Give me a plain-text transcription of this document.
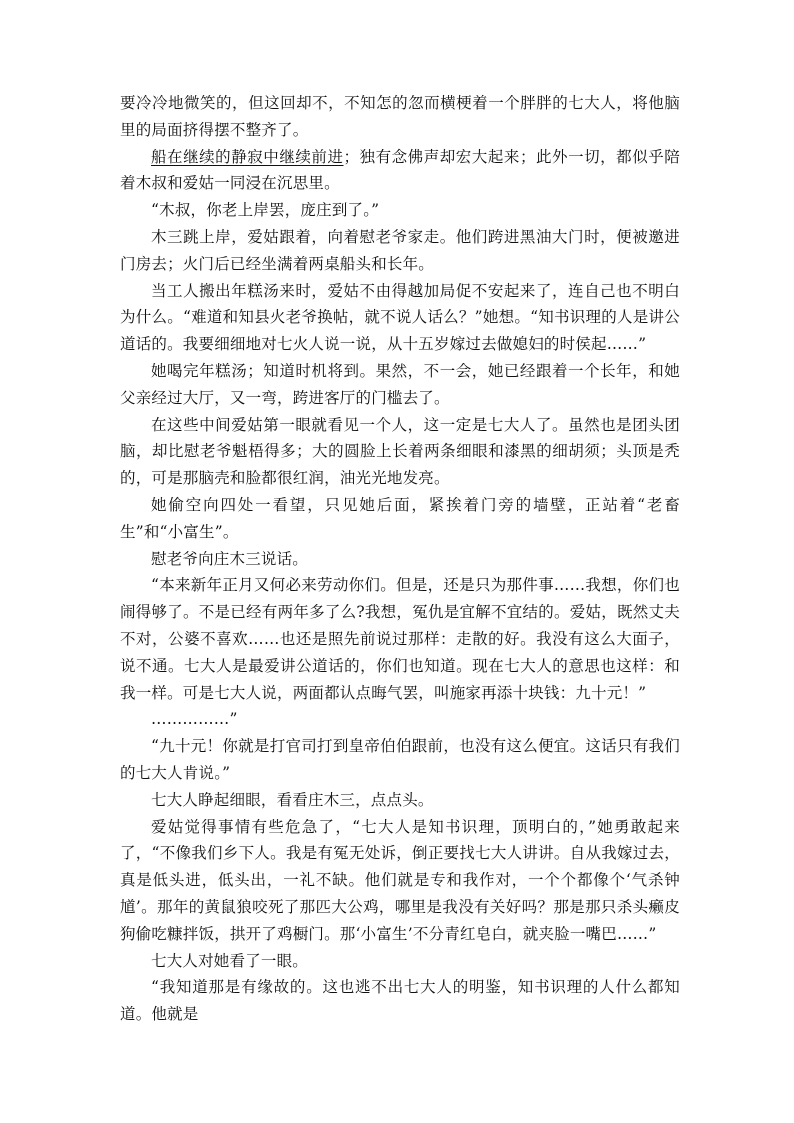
要冷冷地微笑的，但这回却不，不知怎的忽而横梗着一个胖胖的七大人，将他脑里的局面挤得摆不整齐了。

船在继续的静寂中继续前进；独有念佛声却宏大起来；此外一切，都似乎陪着木叔和爱姑一同浸在沉思里。

“木叔，你老上岸罢，庞庄到了。”

木三跳上岸，爱姑跟着，向着慰老爷家走。他们跨进黑油大门时，便被邀进门房去；火门后已经坐满着两桌船头和长年。

当工人搬出年糕汤来时，爱姑不由得越加局促不安起来了，连自己也不明白为什么。“难道和知县火老爷换帖，就不说人话么？”她想。“知书识理的人是讲公道话的。我要细细地对七火人说一说，从十五岁嫁过去做媳妇的时侯起……”

她喝完年糕汤；知道时机将到。果然，不一会，她已经跟着一个长年，和她父亲经过大厅，又一弯，跨进客厅的门槛去了。

在这些中间爱姑第一眼就看见一个人，这一定是七大人了。虽然也是团头团脑，却比慰老爷魁梧得多；大的圆脸上长着两条细眼和漆黑的细胡须；头顶是秃的，可是那脑壳和脸都很红润，油光光地发亮。

她偷空向四处一看望，只见她后面，紧挨着门旁的墙壁，正站着“老畜生”和“小富生”。

慰老爷向庄木三说话。

“本来新年正月又何必来劳动你们。但是，还是只为那件事……我想，你们也闹得够了。不是已经有两年多了么?我想，冤仇是宜解不宜结的。爱姑，既然丈夫不对，公婆不喜欢……也还是照先前说过那样：走散的好。我没有这么大面子，说不通。七大人是最爱讲公道话的，你们也知道。现在七大人的意思也这样：和我一样。可是七大人说，两面都认点晦气罢，叫施家再添十块钱：九十元！”

……………”

“九十元！你就是打官司打到皇帝伯伯跟前，也没有这么便宜。这话只有我们的七大人肯说。”

七大人睁起细眼，看看庄木三，点点头。

爱姑觉得事情有些危急了，“七大人是知书识理，顶明白的，”她勇敢起来了，“不像我们乡下人。我是有冤无处诉，倒正要找七大人讲讲。自从我嫁过去，真是低头进，低头出，一礼不缺。他们就是专和我作对，一个个都像个‘气杀钟馗’。那年的黄鼠狼咬死了那匹大公鸡，哪里是我没有关好吗？那是那只杀头癞皮狗偷吃糠拌饭，拱开了鸡橱门。那‘小富生’不分青红皂白，就夹脸一嘴巴……”

七大人对她看了一眼。

“我知道那是有缘故的。这也逃不出七大人的明鉴，知书识理的人什么都知道。他就是
